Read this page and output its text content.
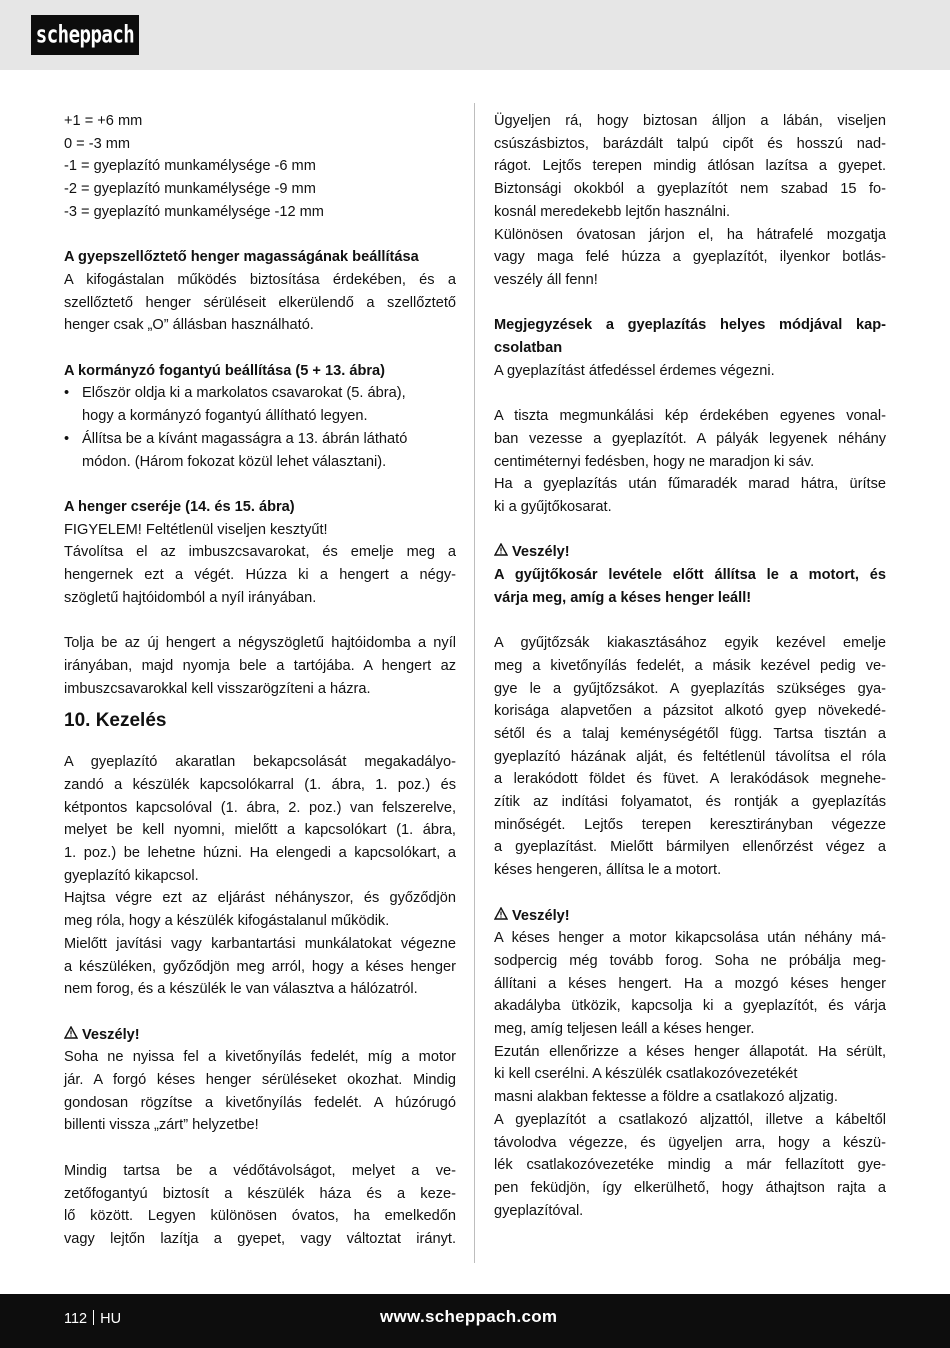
scheppach
+1 = +6 mm
0 = -3 mm
-1 = gyeplazító munkamélysége -6 mm
-2 = gyeplazító munkamélysége -9 mm
-3 = gyeplazító munkamélysége -12 mm

A gyepszellőztető henger magasságának beállítása

A kifogástalan működés biztosítása érdekében, és a
szellőztető henger sérüléseit elkerülendő a szellőztető

henger csak „O” állásban használható.

A kormányzó fogantyú beállítása (5 + 13. ábra)

• Először oldja ki a markolatos csavarokat (5. ábra),
hogy a kormányzó fogantyú állítható legyen.
• Állítsa be a kívánt magasságra a 13. ábrán látható
módon. (Három fokozat közül lehet választani).

A henger cseréje (14. és 15. ábra)

FIGYELEM! Feltétlenül viseljen kesztyűt!

Távolítsa el az imbuszcsavarokat, és emelje meg a
hengernek ezt a végét. Húzza ki a hengert a négy-

szögletű hajtóidomból a nyíl irányában.

Tolja be az új hengert a négyszögletű hajtóidomba a nyíl
irányában, majd nyomja bele a tartójába. A hengert az

imbuszcsavarokkal kell visszarögzíteni a házra.

10. Kezelés

A gyeplazító akaratlan bekapcsolását megakadályo-
zandó a készülék kapcsolókarral (1. ábra, 1. poz.) és
kétpontos kapcsolóval (1. ábra, 2. poz.) van felszerelve,
melyet be kell nyomni, mielőtt a kapcsolókart (1. ábra,
1. poz.) be lehetne húzni. Ha elengedi a kapcsolókart, a

gyeplazító kikapcsol.

Hajtsa végre ezt az eljárást néhányszor, és győződjön

meg róla, hogy a készülék kifogástalanul működik.

Mielőtt javítási vagy karbantartási munkálatokat végezne
a készüléken, győződjön meg arról, hogy a késes henger

nem forog, és a készülék le van választva a hálózatról.

Veszély!

Soha ne nyissa fel a kivetőnyílás fedelét, míg a motor
jár. A forgó késes henger sérüléseket okozhat. Mindig
gondosan rögzítse a kivetőnyílás fedelét. A húzórugó

billenti vissza „zárt” helyzetbe!

Mindig tartsa be a védőtávolságot, melyet a ve-
zetőfogantyú biztosít a készülék háza és a keze-
lő között. Legyen különösen óvatos, ha emelkedőn
vagy lejtőn lazítja a gyepet, vagy változtat irányt.
Ügyeljen rá, hogy biztosan álljon a lábán, viseljen
csúszásbiztos, barázdált talpú cipőt és hosszú nad-
rágot. Lejtős terepen mindig átlósan lazítsa a gyepet.
Biztonsági okokból a gyeplazítót nem szabad 15 fo-

kosnál meredekebb lejtőn használni.

Különösen óvatosan járjon el, ha hátrafelé mozgatja
vagy maga felé húzza a gyeplazítót, ilyenkor botlás-

veszély áll fenn!

Megjegyzések a gyeplazítás helyes módjával kap-

csolatban

A gyeplazítást átfedéssel érdemes végezni.

A tiszta megmunkálási kép érdekében egyenes vonal-
ban vezesse a gyeplazítót. A pályák legyenek néhány

centiméternyi fedésben, hogy ne maradjon ki sáv.

Ha a gyeplazítás után fűmaradék marad hátra, ürítse

ki a gyűjtőkosarat.

Veszély!

A gyűjtőkosár levétele előtt állítsa le a motort, és

várja meg, amíg a késes henger leáll!

A gyűjtőzsák kiakasztásához egyik kezével emelje
meg a kivetőnyílás fedelét, a másik kezével pedig ve-
gye le a gyűjtőzsákot. A gyeplazítás szükséges gya-
korisága alapvetően a pázsitot alkotó gyep növekedé-
sétől és a talaj keménységétől függ. Tartsa tisztán a
gyeplazító házának alját, és feltétlenül távolítsa el róla
a lerakódott földet és füvet. A lerakódások megnehe-
zítik az indítási folyamatot, és rontják a gyeplazítás
minőségét. Lejtős terepen keresztirányban végezze
a gyeplazítást. Mielőtt bármilyen ellenőrzést végez a

késes hengeren, állítsa le a motort.

Veszély!

A késes henger a motor kikapcsolása után néhány má-
sodpercig még tovább forog. Soha ne próbálja meg-
állítani a késes hengert. Ha a mozgó késes henger
akadályba ütközik, kapcsolja ki a gyeplazítót, és várja

meg, amíg teljesen leáll a késes henger.

Ezután ellenőrizze a késes henger állapotát. Ha sérült,

ki kell cserélni. A készülék csatlakozóvezetékét

masni alakban fektesse a földre a csatlakozó aljzatig.

A gyeplazítót a csatlakozó aljzattól, illetve a kábeltől
távolodva végezze, és ügyeljen arra, hogy a készü-
lék csatlakozóvezetéke mindig a már fellazított gye-
pen feküdjön, így elkerülhető, hogy áthajtson rajta a

gyeplazítóval.

112 HU	www.scheppach.com
